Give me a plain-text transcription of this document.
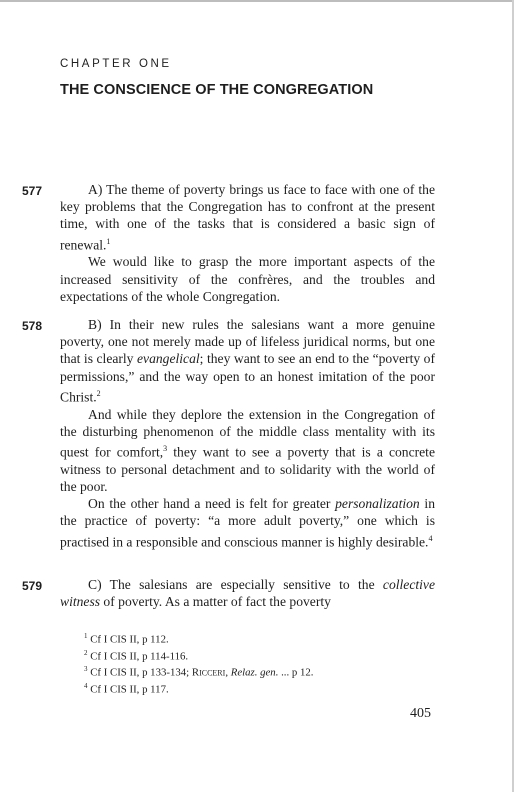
CHAPTER ONE
THE CONSCIENCE OF THE CONGREGATION
577	A) The theme of poverty brings us face to face with one of the key problems that the Congregation has to confront at the present time, with one of the tasks that is considered a basic sign of renewal.$^1$

We would like to grasp the more important aspects of the increased sensitivity of the confrères, and the troubles and expectations of the whole Congregation.

578	B) In their new rules the salesians want a more genuine poverty, one not merely made up of lifeless juridical norms, but one that is clearly evangelical; they want to see an end to the “poverty of permissions,” and the way open to an honest imitation of the poor Christ.$^2$

And while they deplore the extension in the Congregation of the disturbing phenomenon of the middle class mentality with its quest for comfort,$^3$ they want to see a poverty that is a concrete witness to personal detachment and to solidarity with the world of the poor.

On the other hand a need is felt for greater personalization in the practice of poverty: “a more adult poverty,” one which is practised in a responsible and conscious manner is highly desirable.$^4$

579	C) The salesians are especially sensitive to the collective witness of poverty. As a matter of fact the poverty

$^1$ Cf I CIS II, p 112.
$^2$ Cf I CIS II, p 114-116.
$^3$ Cf I CIS II, p 133-134; Ricceri, Relaz. gen. ... p 12.
$^4$ Cf I CIS II, p 117.
405
